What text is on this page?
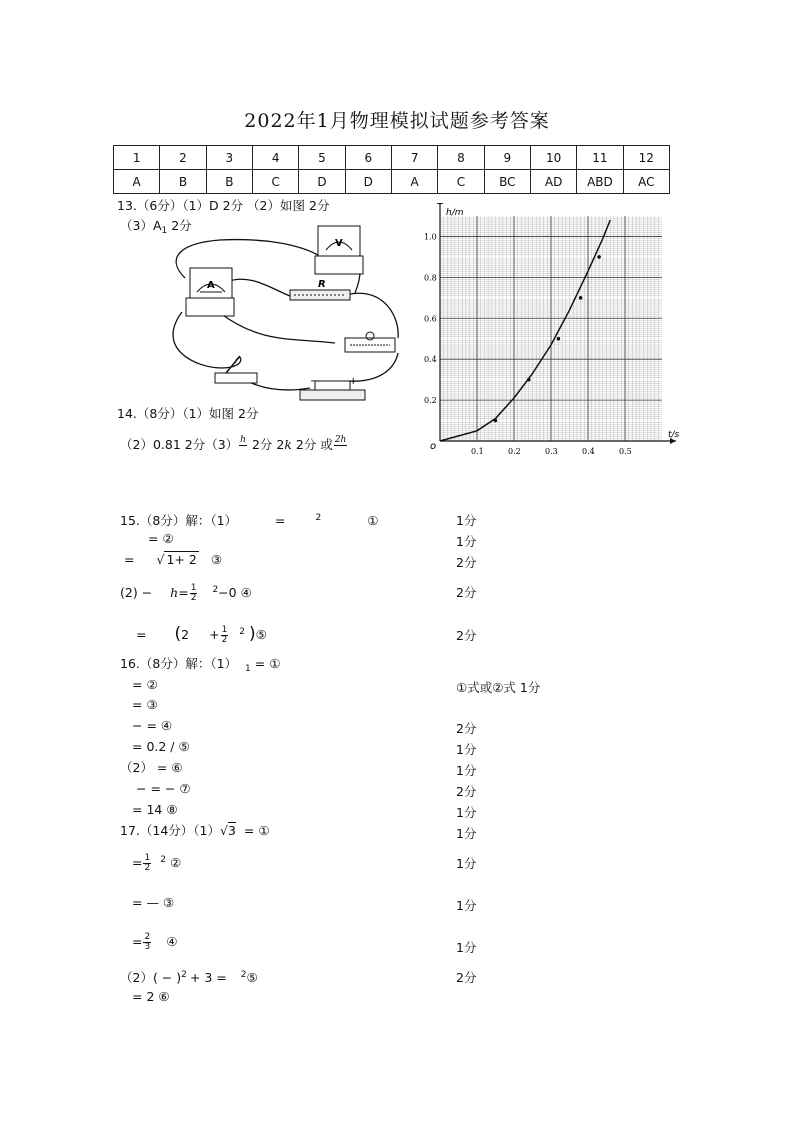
2022年1月物理模拟试题参考答案
1	2	3	4	5	6	7	8	9	10	11	12
A	B	B	C	D	D	A	C	BC	AD	ABD	AC
13.（6分）（1）D 2分 （2）如图 2分
$(3)A_1$ 2分
A
V
R
−	+
0.1	0.2	0.3	0.4	0.5
0.2
0.4
0.6
0.8
1.0
h/m
t/s
o
14.（8分）（1）如图 2分
（2）0.81 2分（3） h
2分 2k 2分 或 2h

15.（8分）解：（1）	=	$^2$	①	1分
= ②	1分
= √ 1+ 2 ③	2分
$(2) - h= \frac{1}{2} ^2-0$ ④	2分
= ($2 + \frac{1}{2} ^2$ )⑤	2分
16.（8分）解：（1） $_1$ = ①
= ②	①式或②式 1分
= ③
− = ④	2分
= 0.2 / ⑤	1分
（2） = ⑥	1分
− = − ⑦	2分
= 14 ⑧	1分
17.（14分）（1）√3 = ①	1分
= $\frac{1}{2} ^2$ ②	1分
= — ③	1分
= $\frac{2}{3}$ ④	1分
$(2)( - )^2 + 3$ = $^2$⑤	2分
= 2 ⑥
